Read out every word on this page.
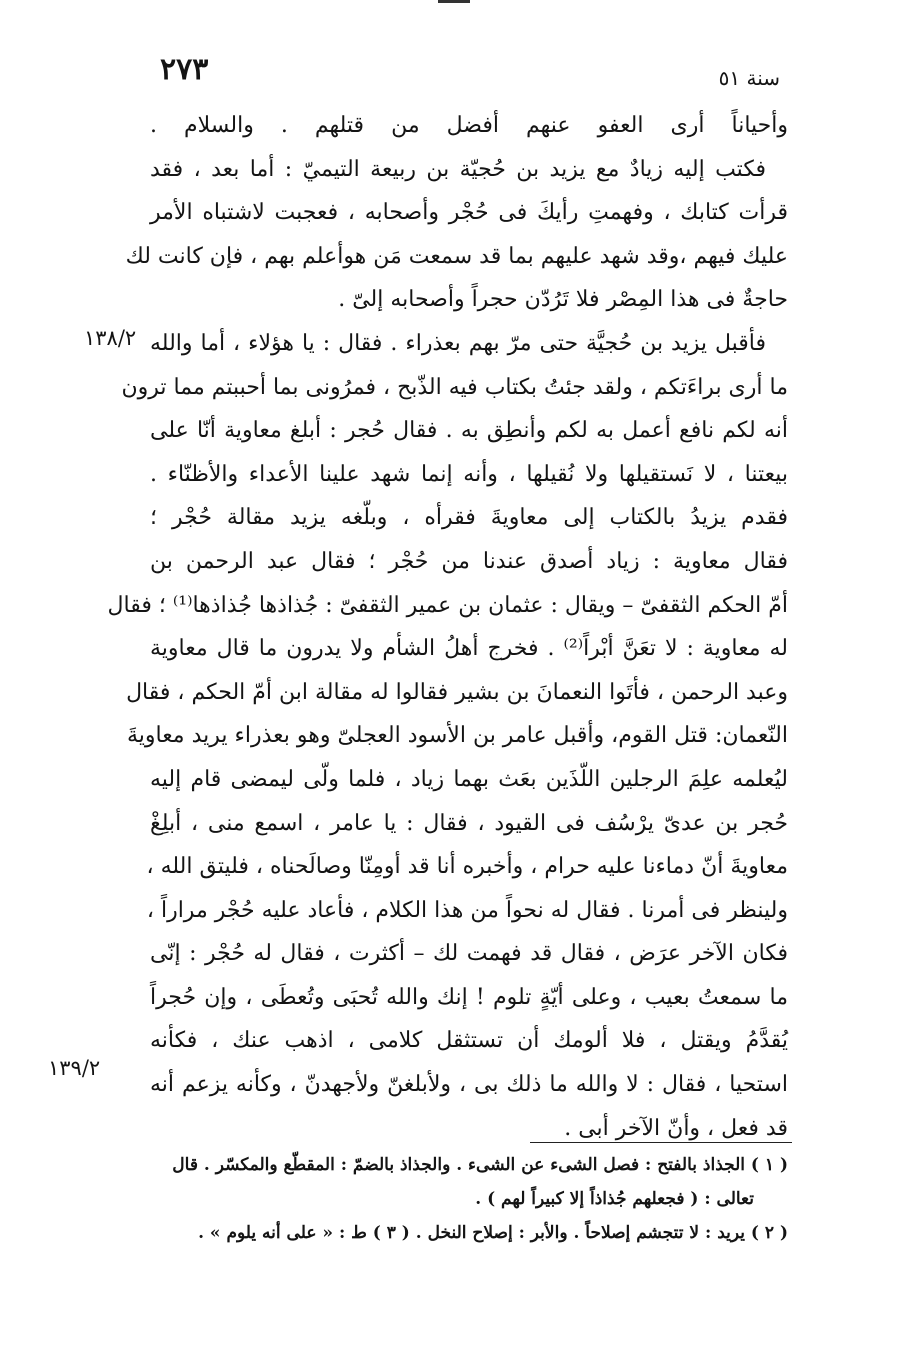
٢٧٣	سنة ٥١
وأحياناً أرى العفو عنهم أفضل من قتلهم . والسلام .
فكتب إليه زيادٌ مع يزيد بن حُجيّة بن ربيعة التيميّ : أما بعد ، فقد
قرأت كتابك ، وفهمتِ رأيكَ فى حُجْر وأصحابه ، فعجبت لاشتباه الأمر
عليك فيهم ،وقد شهد عليهم بما قد سمعت مَن هوأعلم بهم ، فإن كانت لك
حاجةٌ فى هذا المِصْر فلا تَرُدّن حجراً وأصحابه إلىّ .
فأقبل يزيد بن حُجيَّة حتى مرّ بهم بعذراء . فقال : يا هؤلاء ، أما والله
ما أرى براءَتكم ، ولقد جئتُ بكتاب فيه الذّبح ، فمرُونى بما أحببتم مما ترون
أنه لكم نافع أعمل به لكم وأنطِق به . فقال حُجر : أبلغ معاوية أنّا على
بيعتنا ، لا نَستقيلها ولا نُقيلها ، وأنه إنما شهد علينا الأعداء والأظنّاء .
فقدم يزيدُ بالكتاب إلى معاويةَ فقرأه ، وبلّغه يزيد مقالة حُجْر ؛
فقال معاوية : زياد أصدق عندنا من حُجْر ؛ فقال عبد الرحمن بن
أمّ الحكم الثقفىّ – ويقال : عثمان بن عمير الثقفىّ : جُذاذها جُذاذها⁽¹⁾ ؛ فقال
له معاوية : لا تعَنَّ أبْراً⁽²⁾ . فخرج أهلُ الشأم ولا يدرون ما قال معاوية
وعبد الرحمن ، فأتَوا النعمانَ بن بشير فقالوا له مقالة ابن أمّ الحكم ، فقال
النّعمان: قتل القوم، وأقبل عامر بن الأسود العجلىّ وهو بعذراء يريد معاويةَ
ليُعلمه علِمَ الرجلين اللّذَين بعَث بهما زياد ، فلما ولّى ليمضى قام إليه
حُجر بن عدىّ يرْسُف فى القيود ، فقال : يا عامر ، اسمع منى ، أبلِغْ
معاويةَ أنّ دماءنا عليه حرام ، وأخبره أنا قد أومِنّا وصالَحناه ، فليتق الله ،
ولينظر فى أمرنا . فقال له نحواً من هذا الكلام ، فأعاد عليه حُجْر مراراً ،
فكان الآخر عرَض ، فقال قد فهمت لك – أكثرت ، فقال له حُجْر : إنّى
ما سمعتُ بعيب ، وعلى أيّةٍ تلوم ! إنك والله تُحبَى وتُعطَى ، وإن حُجراً
يُقدَّمُ ويقتل ، فلا ألومك أن تستثقل كلامى ، اذهب عنك ، فكأنه
استحيا ، فقال : لا والله ما ذلك بى ، ولأبلغنّ ولأجهدنّ ، وكأنه يزعم أنه
قد فعل ، وأنّ الآخر أبى .
١٣٨/٢
١٣٩/٢
( ١ ) الجذاذ بالفتح : فصل الشىء عن الشىء . والجذاذ بالضمّ : المقطّع والمكسّر . قال
تعالى : ( فجعلهم جُذاذاً إلا كبيراً لهم ) .
( ٢ ) يريد : لا تتجشم إصلاحاً . والأبر : إصلاح النخل . ( ٣ ) ط : « على أنه يلوم » .
